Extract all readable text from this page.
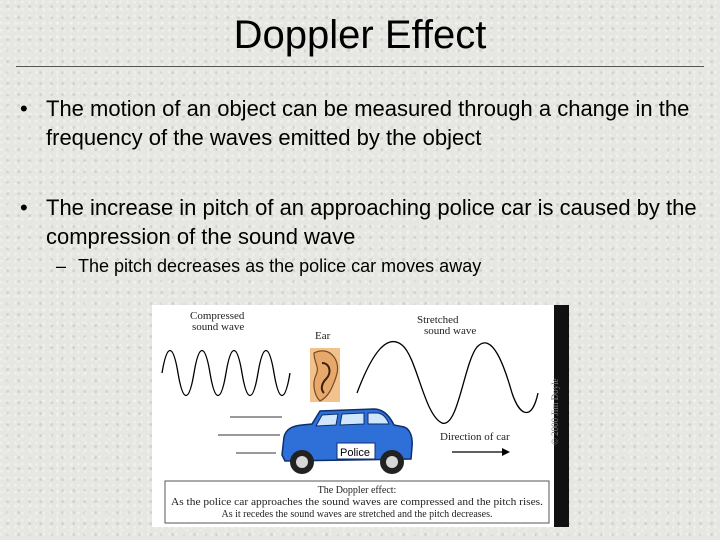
Doppler Effect
• The motion of an object can be measured through a change in the frequency of the waves emitted by the object
• The increase in pitch of an approaching police car is caused by the compression of the sound wave
– The pitch decreases as the police car moves away
© 2000 Jim Doyle
Compressed
sound wave
Ear
Stretched
sound wave
Police
Direction of car
The Doppler effect:
As the police car approaches the sound waves are compressed and the pitch rises.
As it recedes the sound waves are stretched and the pitch decreases.
